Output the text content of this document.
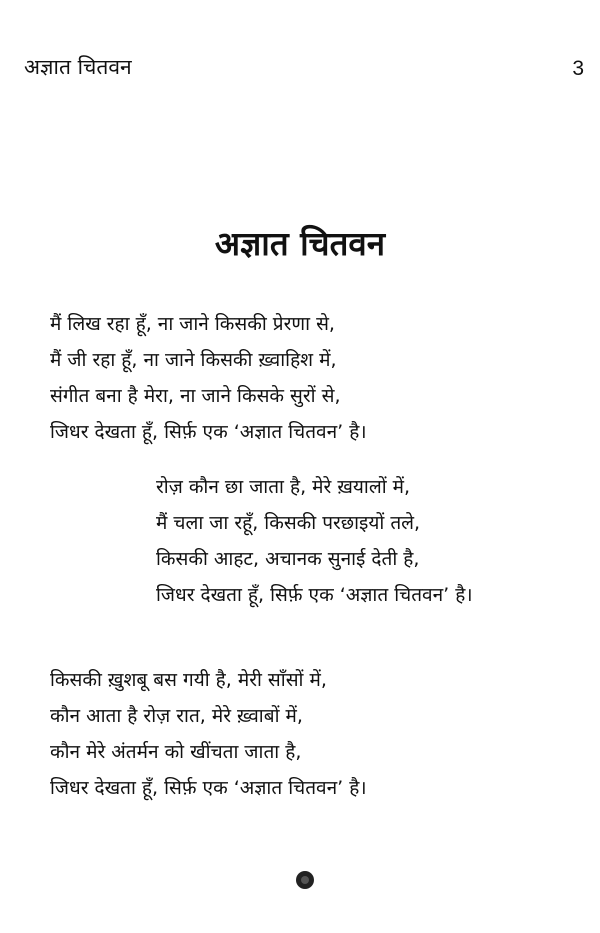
अज्ञात चितवन	3
अज्ञात चितवन
मैं लिख रहा हूँ, ना जाने किसकी प्रेरणा से,
मैं जी रहा हूँ, ना जाने किसकी ख़्वाहिश में,
संगीत बना है मेरा, ना जाने किसके सुरों से,
जिधर देखता हूँ, सिर्फ़ एक ‘अज्ञात चितवन’ है।
रोज़ कौन छा जाता है, मेरे ख़यालों में,
मैं चला जा रहूँ, किसकी परछाइयों तले,
किसकी आहट, अचानक सुनाई देती है,
जिधर देखता हूँ, सिर्फ़ एक ‘अज्ञात चितवन’ है।
किसकी ख़ुशबू बस गयी है, मेरी साँसों में,
कौन आता है रोज़ रात, मेरे ख़्वाबों में,
कौन मेरे अंतर्मन को खींचता जाता है,
जिधर देखता हूँ, सिर्फ़ एक ‘अज्ञात चितवन’ है।
